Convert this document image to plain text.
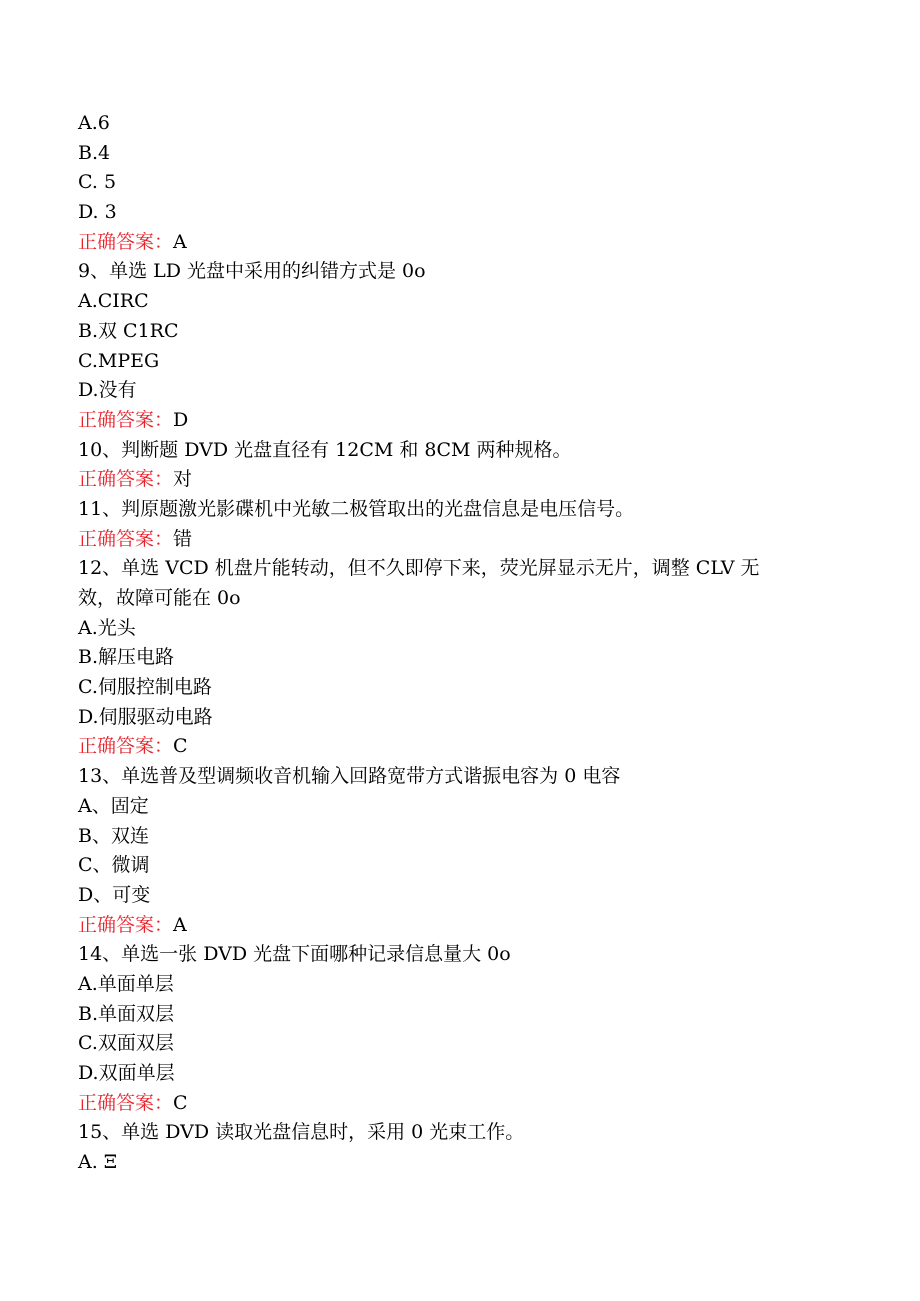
A.6
B.4
C. 5
D. 3
正确答案：A
9、单选 LD 光盘中采用的纠错方式是 0o
A.CIRC
B.双 C1RC
C.MPEG
D.没有
正确答案：D
10、判断题 DVD 光盘直径有 12CM 和 8CM 两种规格。
正确答案：对
11、判原题激光影碟机中光敏二极管取出的光盘信息是电压信号。
正确答案：错
12、单选 VCD 机盘片能转动，但不久即停下来，荧光屏显示无片，调整 CLV 无
效，故障可能在 0o
A.光头
B.解压电路
C.伺服控制电路
D.伺服驱动电路
正确答案：C
13、单选普及型调频收音机输入回路宽带方式谐振电容为 0 电容
A、固定
B、双连
C、微调
D、可变
正确答案：A
14、单选一张 DVD 光盘下面哪种记录信息量大 0o
A.单面单层
B.单面双层
C.双面双层
D.双面单层
正确答案：C
15、单选 DVD 读取光盘信息时，采用 0 光束工作。
A. Ξ
